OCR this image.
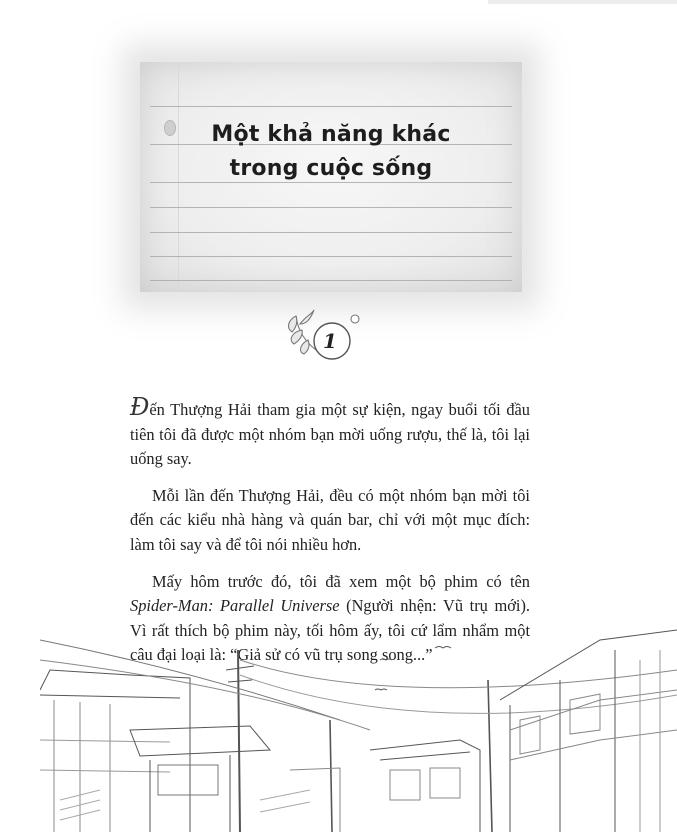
Một khả năng khác
trong cuộc sống
1

Đến Thượng Hải tham gia một sự kiện, ngay buổi tối đầu tiên tôi đã được một nhóm bạn mời uống rượu, thế là, tôi lại uống say.

Mỗi lần đến Thượng Hải, đều có một nhóm bạn mời tôi đến các kiểu nhà hàng và quán bar, chỉ với một mục đích: làm tôi say và để tôi nói nhiều hơn.

Mấy hôm trước đó, tôi đã xem một bộ phim có tên Spider-Man: Parallel Universe (Người nhện: Vũ trụ mới). Vì rất thích bộ phim này, tối hôm ấy, tôi cứ lẩm nhẩm một câu đại loại là: “Giả sử có vũ trụ song song...”
